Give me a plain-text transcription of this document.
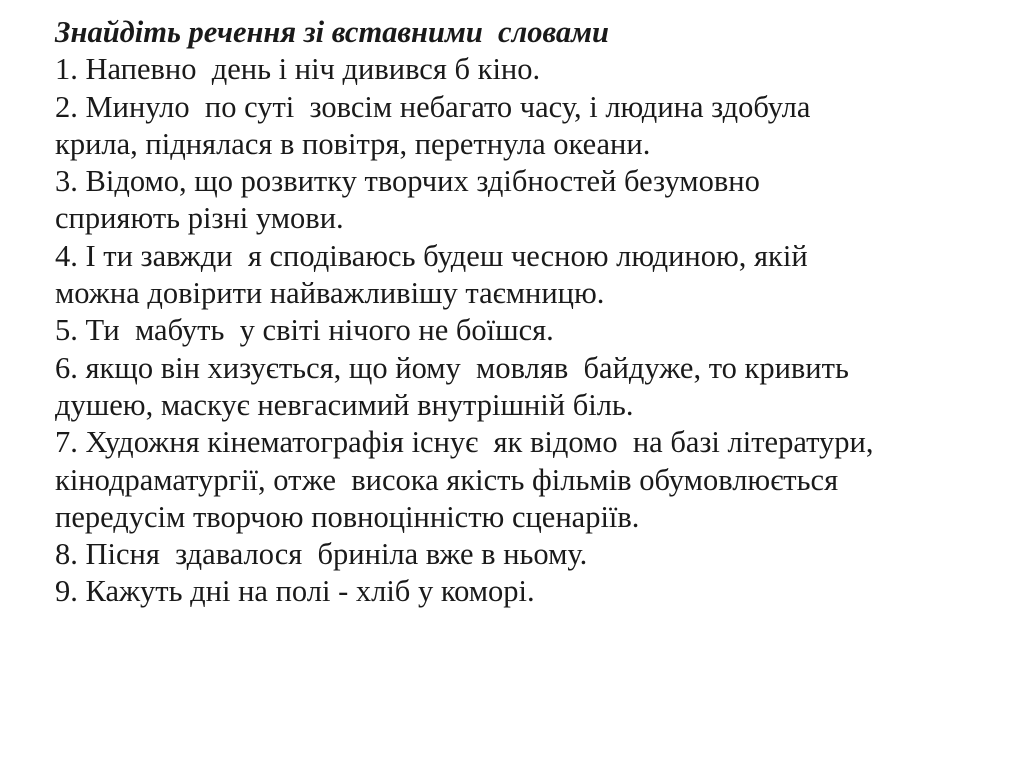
Знайдіть речення зі вставними  словами
1. Напевно  день і ніч дивився б кіно.
2. Минуло  по суті  зовсім небагато часу, і людина здобула
крила, піднялася в повітря, перетнула океани.
3. Відомо, що розвитку творчих здібностей безумовно
сприяють різні умови.
4. І ти завжди  я сподіваюсь будеш чесною людиною, якій
можна довірити найважливішу таємницю.
5. Ти  мабуть  у світі нічого не боїшся.
6. якщо він хизується, що йому  мовляв  байдуже, то кривить
душею, маскує невгасимий внутрішній біль.
7. Художня кінематографія існує  як відомо  на базі літератури,
кінодраматургії, отже  висока якість фільмів обумовлюється
передусім творчою повноцінністю сценаріїв.
8. Пісня  здавалося  бриніла вже в ньому.
9. Кажуть дні на полі - хліб у коморі.
